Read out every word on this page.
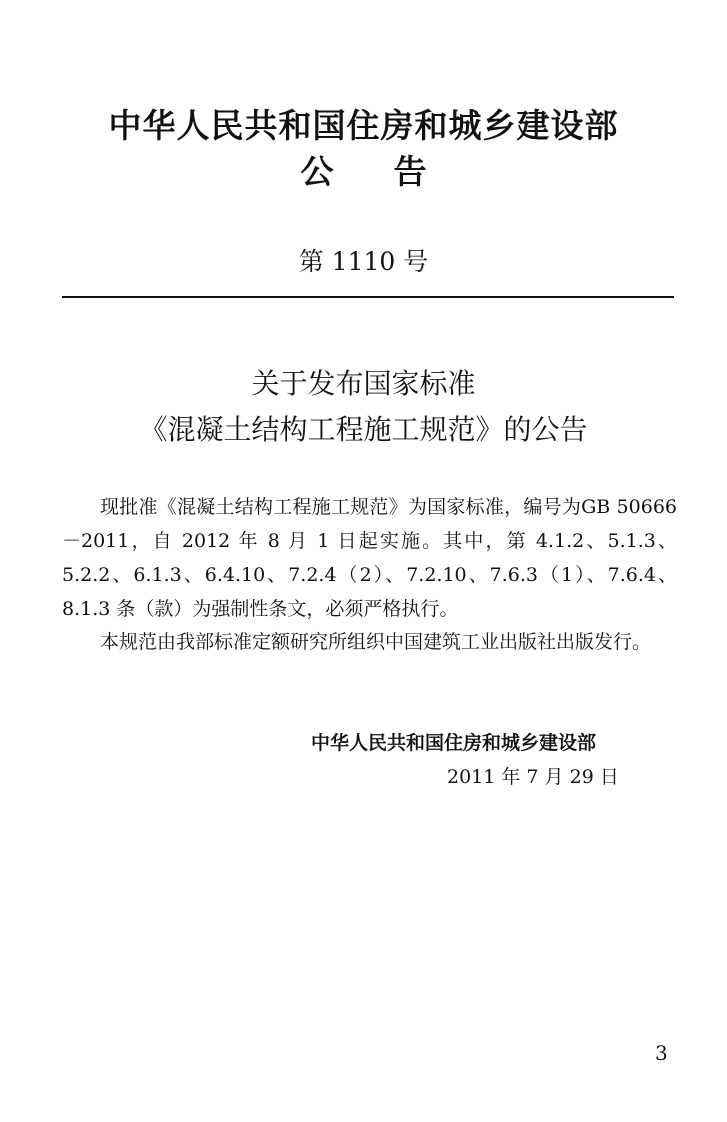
中华人民共和国住房和城乡建设部
公告
第 1110 号
关于发布国家标准
《混凝土结构工程施工规范》的公告

现批准《混凝土结构工程施工规范》为国家标准，编号为GB 50666－2011，自 2012 年 8 月 1 日起实施。其中，第 4.1.2、5.1.3、5.2.2、6.1.3、6.4.10、7.2.4（2）、7.2.10、7.6.3（1）、7.6.4、8.1.3 条（款）为强制性条文，必须严格执行。

本规范由我部标准定额研究所组织中国建筑工业出版社出版发行。

中华人民共和国住房和城乡建设部
2011 年 7 月 29 日
3
